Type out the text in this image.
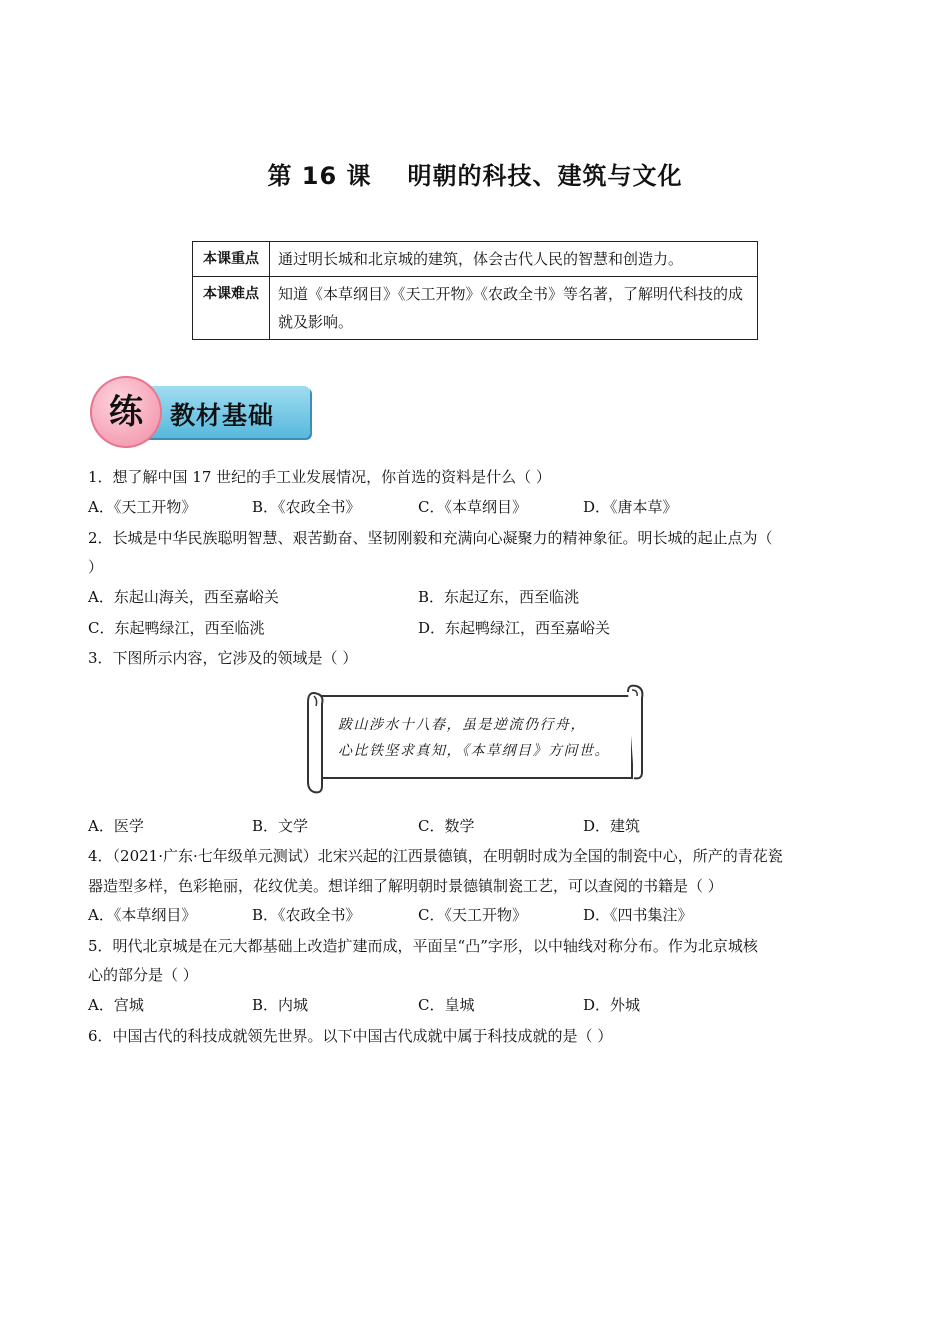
第 16 课 明朝的科技、建筑与文化
本课重点	通过明长城和北京城的建筑，体会古代人民的智慧和创造力。
本课难点	知道《本草纲目》《天工开物》《农政全书》等名著，了解明代科技的成就及影响。
练	教材基础
1．想了解中国 17 世纪的手工业发展情况，你首选的资料是什么（ ）
A．《天工开物》	B．《农政全书》	C．《本草纲目》	D．《唐本草》
2．长城是中华民族聪明智慧、艰苦勤奋、坚韧刚毅和充满向心凝聚力的精神象征。明长城的起止点为（
）
A．东起山海关，西至嘉峪关	B．东起辽东，西至临洮
C．东起鸭绿江，西至临洮	D．东起鸭绿江，西至嘉峪关
3．下图所示内容，它涉及的领域是（ ）
跋山涉水十八春，虽是逆流仍行舟，
心比铁坚求真知，《本草纲目》方问世。
A．医学	B．文学	C．数学	D．建筑
4．（2021·广东·七年级单元测试）北宋兴起的江西景德镇，在明朝时成为全国的制瓷中心，所产的青花瓷
器造型多样，色彩艳丽，花纹优美。想详细了解明朝时景德镇制瓷工艺，可以查阅的书籍是（ ）
A．《本草纲目》	B．《农政全书》	C．《天工开物》	D．《四书集注》
5．明代北京城是在元大都基础上改造扩建而成，平面呈“凸”字形，以中轴线对称分布。作为北京城核
心的部分是（ ）
A．宫城	B．内城	C．皇城	D．外城
6．中国古代的科技成就领先世界。以下中国古代成就中属于科技成就的是（ ）
